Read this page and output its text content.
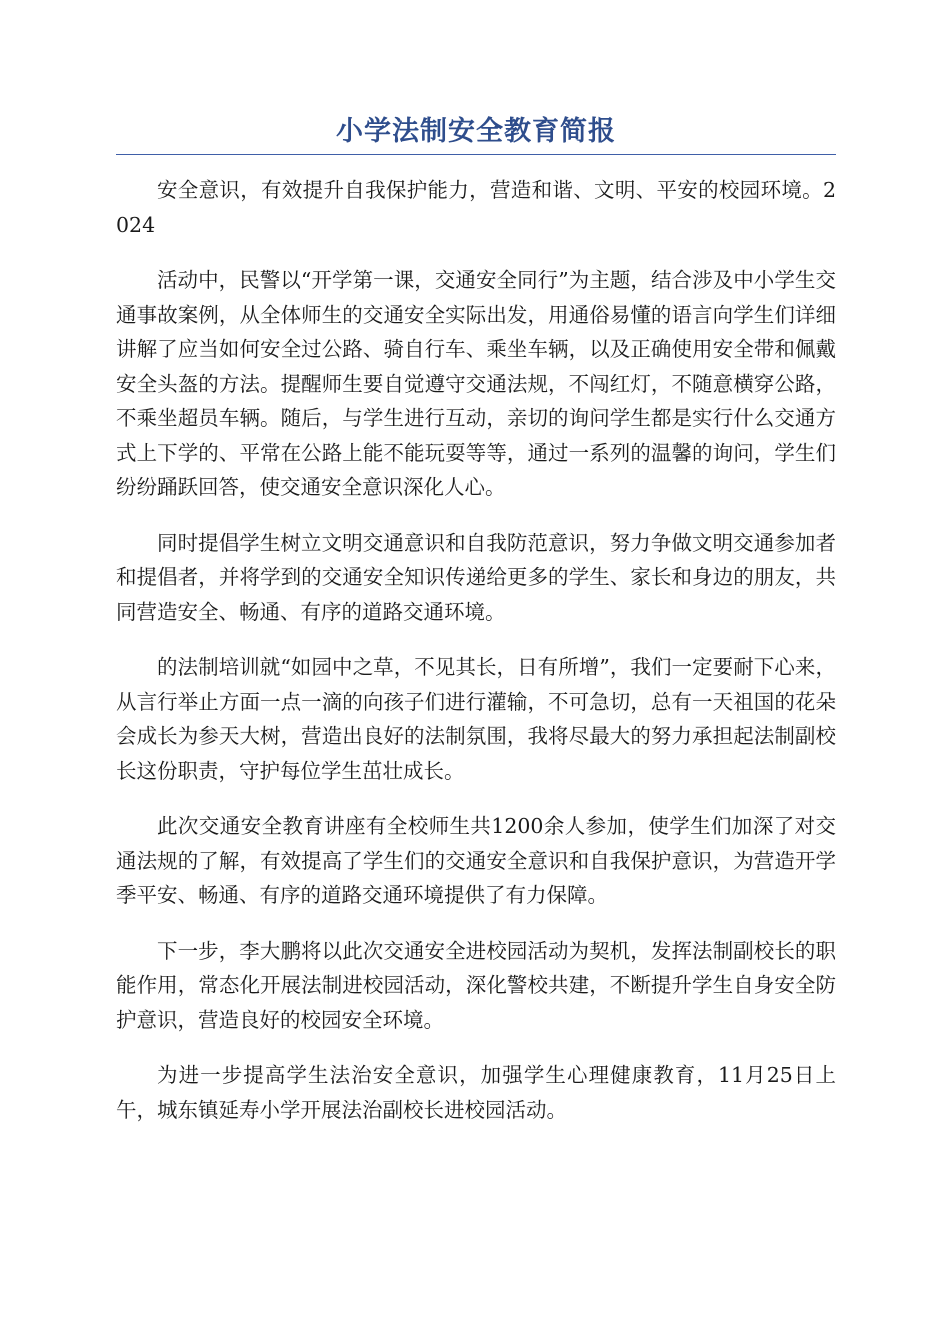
小学法制安全教育简报

安全意识，有效提升自我保护能力，营造和谐、文明、平安的校园环境。2024

活动中，民警以“开学第一课，交通安全同行”为主题，结合涉及中小学生交通事故案例，从全体师生的交通安全实际出发，用通俗易懂的语言向学生们详细讲解了应当如何安全过公路、骑自行车、乘坐车辆，以及正确使用安全带和佩戴安全头盔的方法。提醒师生要自觉遵守交通法规，不闯红灯，不随意横穿公路，不乘坐超员车辆。随后，与学生进行互动，亲切的询问学生都是实行什么交通方式上下学的、平常在公路上能不能玩耍等等，通过一系列的温馨的询问，学生们纷纷踊跃回答，使交通安全意识深化人心。

同时提倡学生树立文明交通意识和自我防范意识，努力争做文明交通参加者和提倡者，并将学到的交通安全知识传递给更多的学生、家长和身边的朋友，共同营造安全、畅通、有序的道路交通环境。

的法制培训就“如园中之草，不见其长，日有所增”，我们一定要耐下心来，从言行举止方面一点一滴的向孩子们进行灌输，不可急切，总有一天祖国的花朵会成长为参天大树，营造出良好的法制氛围，我将尽最大的努力承担起法制副校长这份职责，守护每位学生茁壮成长。

此次交通安全教育讲座有全校师生共1200余人参加，使学生们加深了对交通法规的了解，有效提高了学生们的交通安全意识和自我保护意识，为营造开学季平安、畅通、有序的道路交通环境提供了有力保障。

下一步，李大鹏将以此次交通安全进校园活动为契机，发挥法制副校长的职能作用，常态化开展法制进校园活动，深化警校共建，不断提升学生自身安全防护意识，营造良好的校园安全环境。

为进一步提高学生法治安全意识，加强学生心理健康教育，11月25日上午，城东镇延寿小学开展法治副校长进校园活动。
